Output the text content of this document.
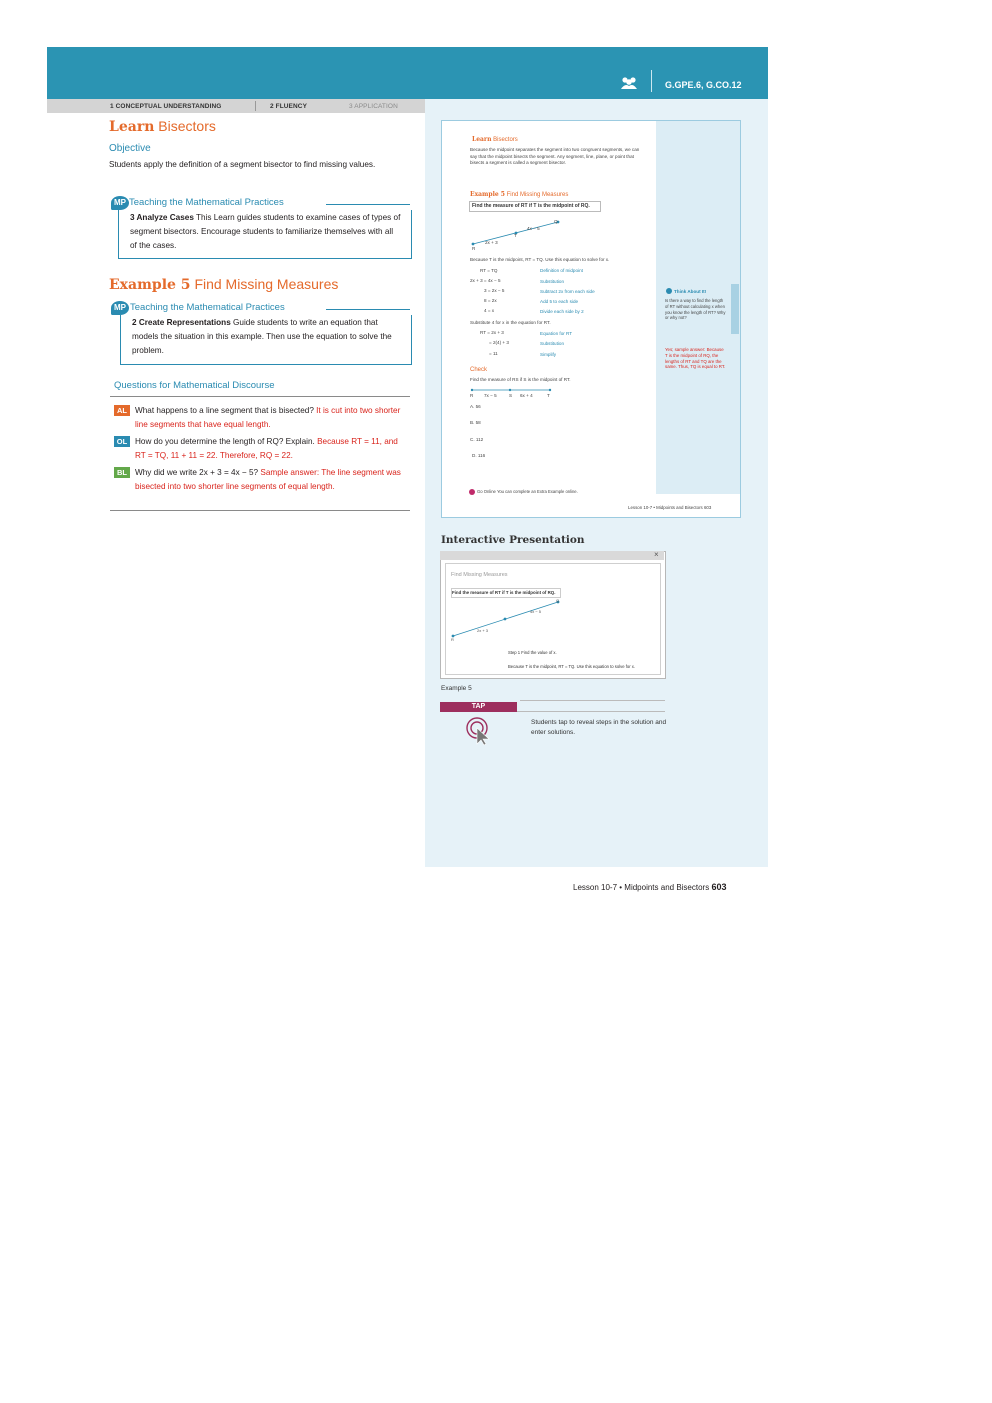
G.GPE.6, G.CO.12
1 CONCEPTUAL UNDERSTANDING	2 FLUENCY	3 APPLICATION
Learn Bisectors
Objective
Students apply the definition of a segment bisector to find missing values.
MP Teaching the Mathematical Practices
3 Analyze Cases This Learn guides students to examine cases of types of segment bisectors. Encourage students to familiarize themselves with all of the cases.
Example 5 Find Missing Measures
MP Teaching the Mathematical Practices
2 Create Representations Guide students to write an equation that models the situation in this example. Then use the equation to solve the problem.
Questions for Mathematical Discourse
AL What happens to a line segment that is bisected? It is cut into two shorter line segments that have equal length.
OL How do you determine the length of RQ? Explain. Because RT = 11, and RT = TQ, 11 + 11 = 22. Therefore, RQ = 22.
BL Why did we write 2x + 3 = 4x − 5? Sample answer: The line segment was bisected into two shorter line segments of equal length.
Learn Bisectors
Because the midpoint separates the segment into two congruent segments, we can say that the midpoint bisects the segment. Any segment, line, plane, or point that bisects a segment is called a segment bisector.
Example 5 Find Missing Measures
Find the measure of RT if T is the midpoint of RQ.
R
T
Q
2x + 3
4x − 5
Because T is the midpoint, RT = TQ. Use this equation to solve for x.
RT = TQ	Definition of midpoint
2x + 3 = 4x − 5	Substitution
3 = 2x − 5	Subtract 2x from each side
8 = 2x	Add 5 to each side
4 = x	Divide each side by 2
Substitute 4 for x in the equation for RT.
RT = 2x + 3	Equation for RT
= 2(4) + 3	Substitution
= 11	Simplify
Check
Find the measure of RS if S is the midpoint of RT.
R 7x − 5	S 6x + 4	T
A. 56
B. 58
C. 112
D. 116
Go Online You can complete an Extra Example online.
Lesson 10-7 • Midpoints and Bisectors 603
Think About It!
Is there a way to find the length of RT without calculating x when you know the length of RT? Why or why not?
Yes; sample answer: Because T is the midpoint of RQ, the lengths of RT and TQ are the same. Thus, TQ is equal to RT.
Interactive Presentation
×
Find Missing Measures
Find the measure of RT if T is the midpoint of RQ.
R
2x + 3
4x − 5
Q
Step 1 Find the value of x.
Because T is the midpoint, RT = TQ. Use this equation to solve for x.
Example 5
TAP
Students tap to reveal steps in the solution and enter solutions.
Lesson 10-7 • Midpoints and Bisectors 603
